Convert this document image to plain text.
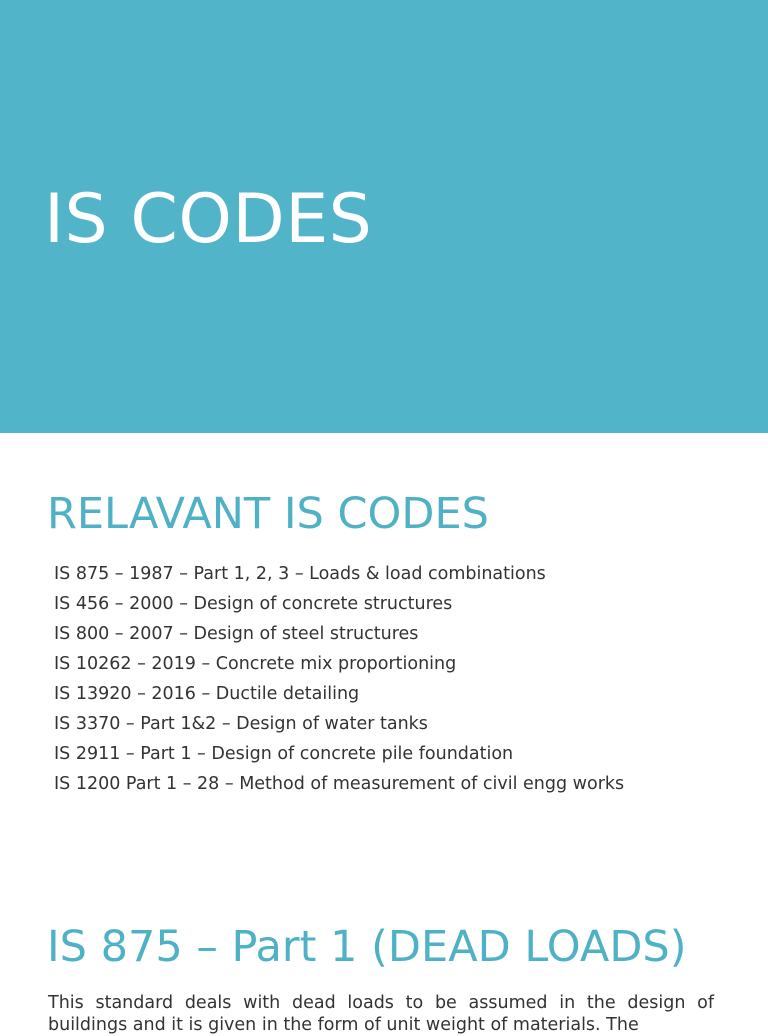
IS CODES
RELAVANT IS CODES
IS 875 – 1987 – Part 1, 2, 3 – Loads & load combinations
IS 456 – 2000 – Design of concrete structures
IS 800 – 2007 – Design of steel structures
IS 10262 – 2019 – Concrete mix proportioning
IS 13920 – 2016 – Ductile detailing
IS 3370 – Part 1&2 – Design of water tanks
IS 2911 – Part 1 – Design of concrete pile foundation
IS 1200 Part 1 – 28 – Method of measurement of civil engg works
IS 875 – Part 1 (DEAD LOADS)

This standard deals with dead loads to be assumed in the design of buildings and it is given in the form of unit weight of materials. The
